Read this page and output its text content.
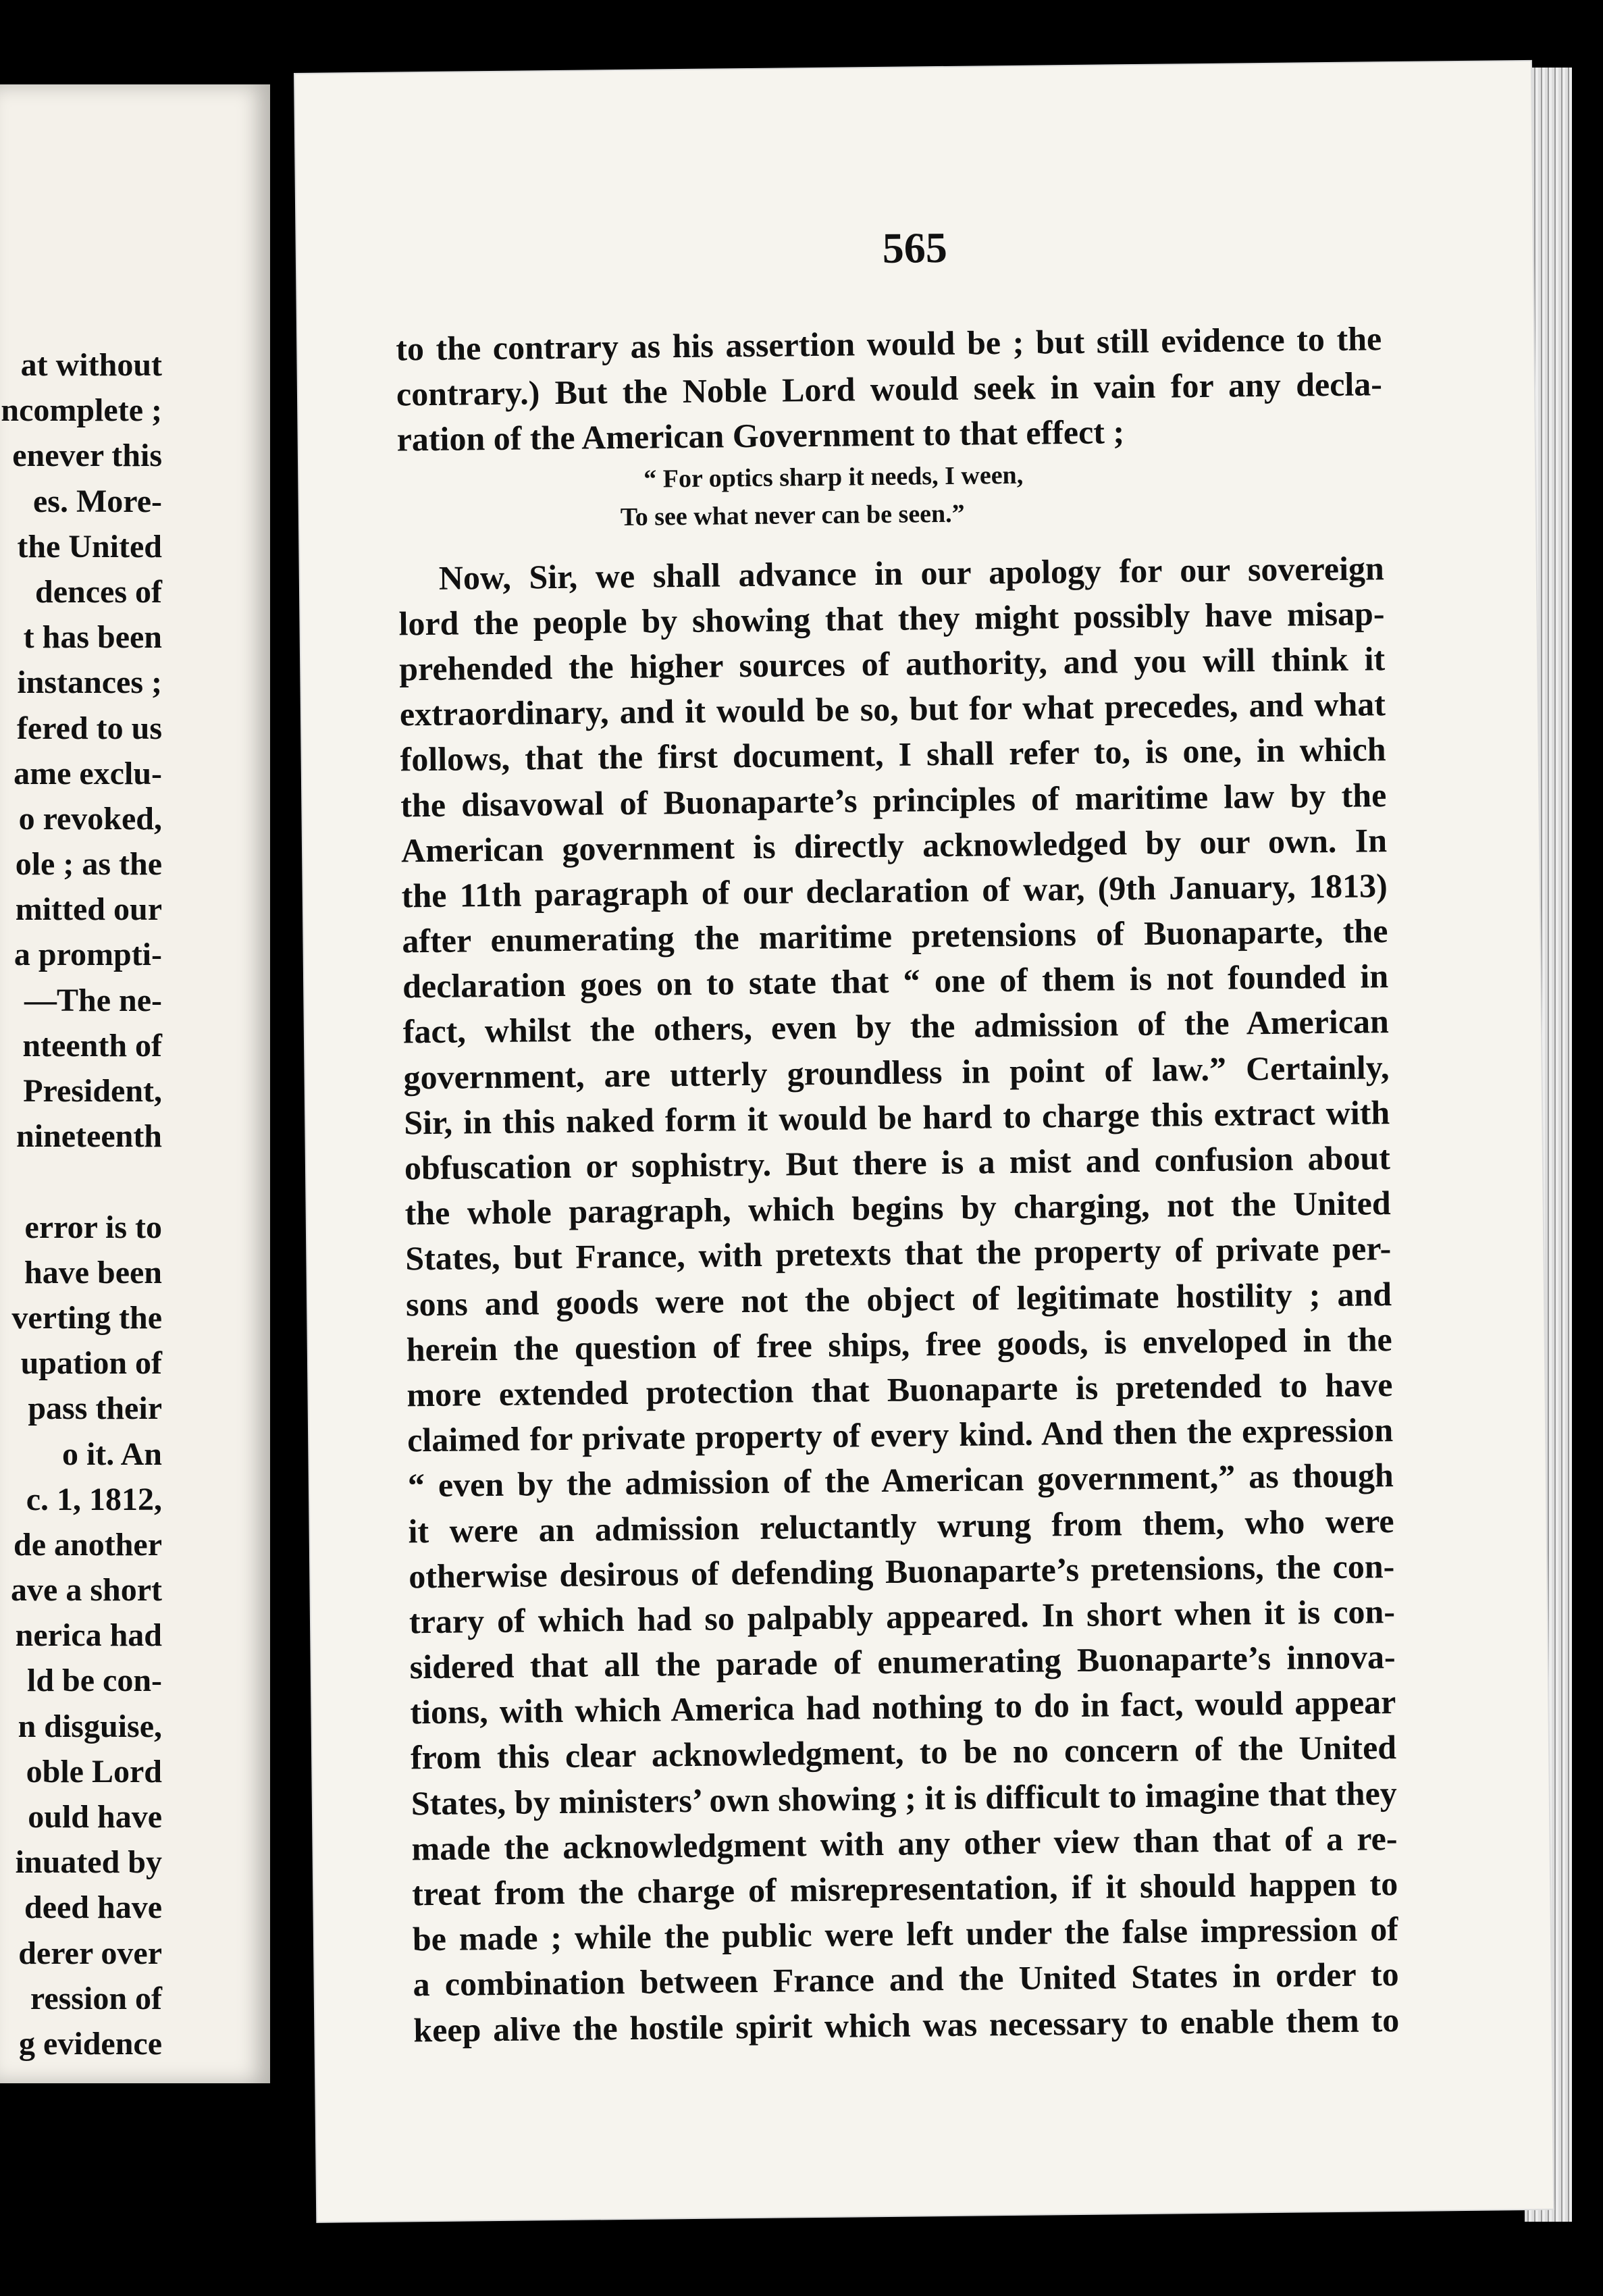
at without
ncomplete ;
enever this
es. More-
the United
dences of
t has been
instances ;
fered to us
ame exclu-
o revoked,
ole ; as the
mitted our
a prompti-
—The ne-
nteenth of
President,
nineteenth
error is to
have been
verting the
upation of
pass their
o it. An
c. 1, 1812,
de another
ave a short
nerica had
ld be con-
n disguise,
oble Lord
ould have
inuated by
deed have
derer over
ression of
g evidence
565
to the contrary as his assertion would be ; but still evidence to the
contrary.) But the Noble Lord would seek in vain for any decla-
ration of the American Government to that effect ;
“ For optics sharp it needs, I ween,
To see what never can be seen.”
Now, Sir, we shall advance in our apology for our sovereign
lord the people by showing that they might possibly have misap-
prehended the higher sources of authority, and you will think it
extraordinary, and it would be so, but for what precedes, and what
follows, that the first document, I shall refer to, is one, in which
the disavowal of Buonaparte’s principles of maritime law by the
American government is directly acknowledged by our own. In
the 11th paragraph of our declaration of war, (9th January, 1813)
after enumerating the maritime pretensions of Buonaparte, the
declaration goes on to state that “ one of them is not founded in
fact, whilst the others, even by the admission of the American
government, are utterly groundless in point of law.” Certainly,
Sir, in this naked form it would be hard to charge this extract with
obfuscation or sophistry. But there is a mist and confusion about
the whole paragraph, which begins by charging, not the United
States, but France, with pretexts that the property of private per-
sons and goods were not the object of legitimate hostility ; and
herein the question of free ships, free goods, is enveloped in the
more extended protection that Buonaparte is pretended to have
claimed for private property of every kind. And then the expression
“ even by the admission of the American government,” as though
it were an admission reluctantly wrung from them, who were
otherwise desirous of defending Buonaparte’s pretensions, the con-
trary of which had so palpably appeared. In short when it is con-
sidered that all the parade of enumerating Buonaparte’s innova-
tions, with which America had nothing to do in fact, would appear
from this clear acknowledgment, to be no concern of the United
States, by ministers’ own showing ; it is difficult to imagine that they
made the acknowledgment with any other view than that of a re-
treat from the charge of misrepresentation, if it should happen to
be made ; while the public were left under the false impression of
a combination between France and the United States in order to
keep alive the hostile spirit which was necessary to enable them to
